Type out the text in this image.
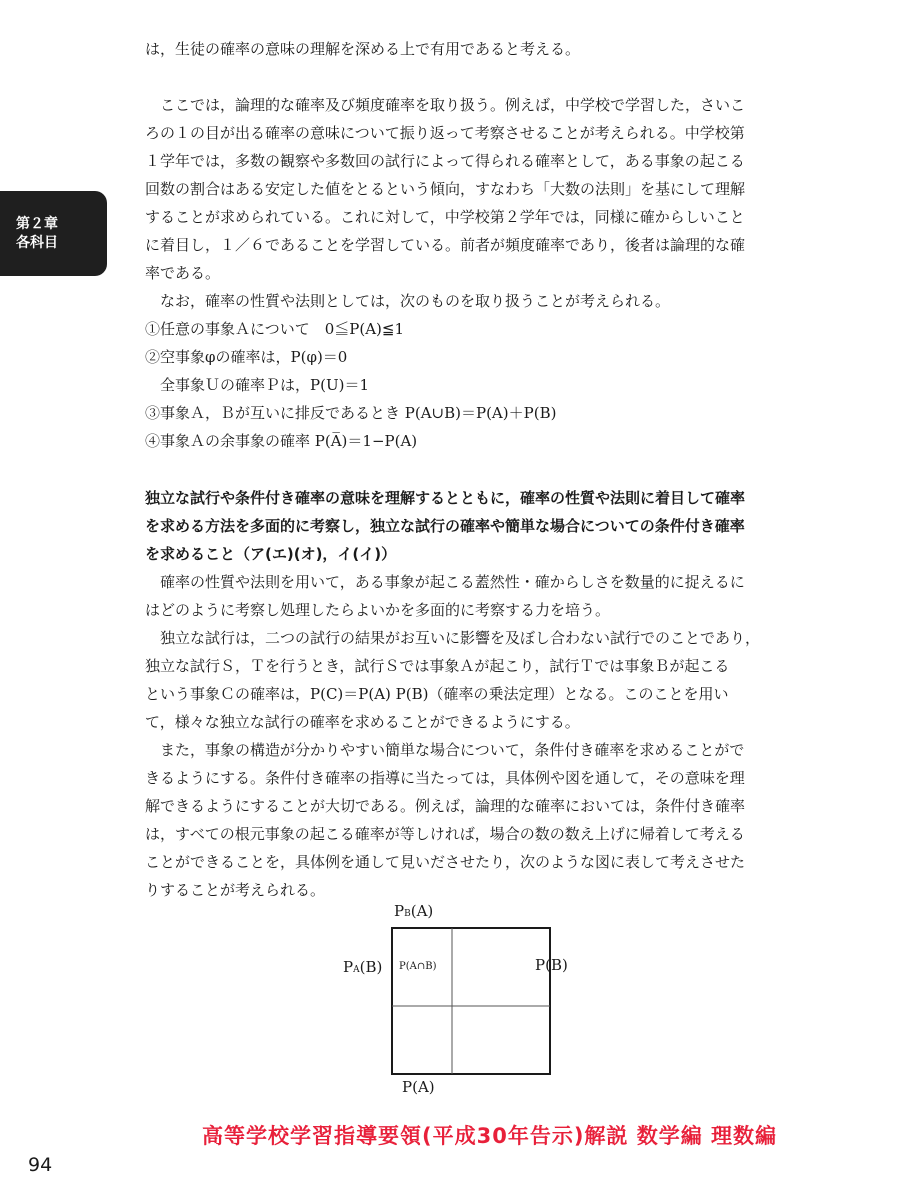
第２章
各科目

は，生徒の確率の意味の理解を深める上で有用であると考える。

ここでは，論理的な確率及び頻度確率を取り扱う。例えば，中学校で学習した，さいこ

ろの１の目が出る確率の意味について振り返って考察させることが考えられる。中学校第

１学年では，多数の観察や多数回の試行によって得られる確率として，ある事象の起こる

回数の割合はある安定した値をとるという傾向，すなわち「大数の法則」を基にして理解

することが求められている。これに対して，中学校第２学年では，同様に確からしいこと

に着目し，１／６であることを学習している。前者が頻度確率であり，後者は論理的な確

率である。

なお，確率の性質や法則としては，次のものを取り扱うことが考えられる。

①任意の事象Ａについて　0≦P(A)≦1

②空事象φの確率は，P(φ)＝0

全事象Ｕの確率Ｐは，P(U)＝1

③事象Ａ，Ｂが互いに排反であるとき P(A∪B)＝P(A)＋P(B)

④事象Ａの余事象の確率 P(A̅)＝1−P(A)

独立な試行や条件付き確率の意味を理解するとともに，確率の性質や法則に着目して確率

を求める方法を多面的に考察し，独立な試行の確率や簡単な場合についての条件付き確率

を求めること（ア(エ)(オ)，イ(イ)）

確率の性質や法則を用いて，ある事象が起こる蓋然性・確からしさを数量的に捉えるに

はどのように考察し処理したらよいかを多面的に考察する力を培う。

独立な試行は，二つの試行の結果がお互いに影響を及ぼし合わない試行でのことであり，

独立な試行Ｓ，Ｔを行うとき，試行Ｓでは事象Ａが起こり，試行Ｔでは事象Ｂが起こる

という事象Ｃの確率は，P(C)＝P(A) P(B)（確率の乗法定理）となる。このことを用い

て，様々な独立な試行の確率を求めることができるようにする。

また，事象の構造が分かりやすい簡単な場合について，条件付き確率を求めることがで

きるようにする。条件付き確率の指導に当たっては，具体例や図を通して，その意味を理

解できるようにすることが大切である。例えば，論理的な確率においては，条件付き確率

は，すべての根元事象の起こる確率が等しければ，場合の数の数え上げに帰着して考える

ことができることを，具体例を通して見いださせたり，次のような図に表して考えさせた

りすることが考えられる。

PB(A)
PA(B)	P(B)
P(A)
P(A∩B)
高等学校学習指導要領(平成30年告示)解説 数学編 理数編
94
